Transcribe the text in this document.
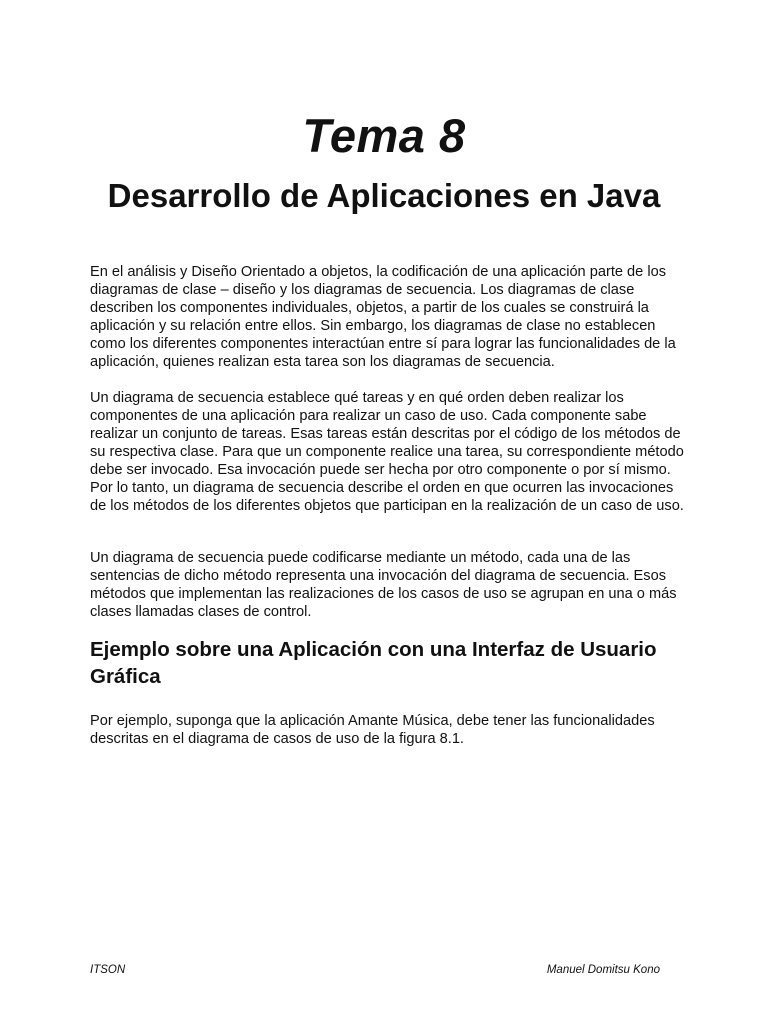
Tema 8
Desarrollo de Aplicaciones en Java

En el análisis y Diseño Orientado a objetos, la codificación de una aplicación parte de los diagramas de clase – diseño y los diagramas de secuencia. Los diagramas de clase describen los componentes individuales, objetos, a partir de los cuales se construirá la aplicación y su relación entre ellos. Sin embargo, los diagramas de clase no establecen como los diferentes componentes interactúan entre sí para lograr las funcionalidades de la aplicación, quienes realizan esta tarea son los diagramas de secuencia.

Un diagrama de secuencia establece qué tareas y en qué orden deben realizar los componentes de una aplicación para realizar un caso de uso. Cada componente sabe realizar un conjunto de tareas. Esas tareas están descritas por el código de los métodos de su respectiva clase. Para que un componente realice una tarea, su correspondiente método debe ser invocado. Esa invocación puede ser hecha por otro componente o por sí mismo. Por lo tanto, un diagrama de secuencia describe el orden en que ocurren las invocaciones de los métodos de los diferentes objetos que participan en la realización de un caso de uso.

Un diagrama de secuencia puede codificarse mediante un método, cada una de las sentencias de dicho método representa una invocación del diagrama de secuencia. Esos métodos que implementan las realizaciones de los casos de uso se agrupan en una o más clases llamadas clases de control.

Ejemplo sobre una Aplicación con una Interfaz de Usuario Gráfica

Por ejemplo, suponga que la aplicación Amante Música, debe tener las funcionalidades descritas en el diagrama de casos de uso de la figura 8.1.

ITSON	Manuel Domitsu Kono
